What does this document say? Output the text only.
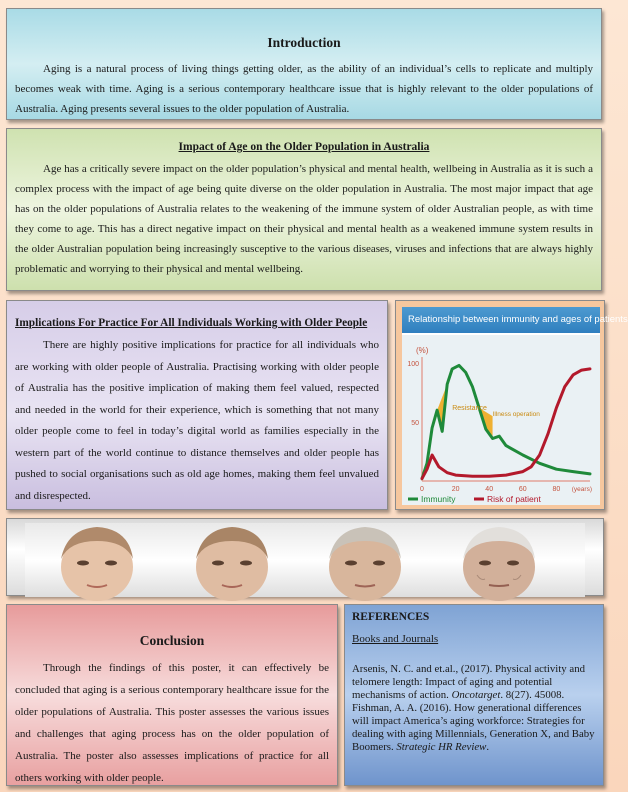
Introduction

Aging is a natural process of living things getting older, as the ability of an individual’s cells to replicate and multiply becomes weak with time. Aging is a serious contemporary healthcare issue that is highly relevant to the older populations of Australia. Aging presents several issues to the older population of Australia.

Impact of Age on the Older Population in Australia

Age has a critically severe impact on the older population’s physical and mental health, wellbeing in Australia as it is such a complex process with the impact of age being quite diverse on the older population in Australia. The most major impact that age has on the older populations of Australia relates to the weakening of the immune system of older Australian people, as with time they come to age. This has a direct negative impact on their physical and mental health as a weakened immune system results in the older Australian population being increasingly susceptive to the various diseases, viruses and infections that are always highly problematic and worrying to their physical and mental wellbeing.

Implications For Practice For All Individuals Working with Older People

There are highly positive implications for practice for all individuals who are working with older people of Australia. Practising working with older people of Australia has the positive implication of making them feel valued, respected and needed in the world for their experience, which is something that not many older people come to feel in today’s digital world as families especially in the western part of the world continue to distance themselves and older people has pushed to social organisations such as old age homes, making them feel unvalued and disrespected.

Relationship between immunity and ages of patients
(%)
100
50
0	20	40	60	80 (years)
Resistance
Illness operation
Immunity	Risk of patient
Conclusion

Through the findings of this poster, it can effectively be concluded that aging is a serious contemporary healthcare issue for the older populations of Australia. This poster assesses the various issues and challenges that aging process has on the older population of Australia. The poster also assesses implications of practice for all others working with older people.

REFERENCES
Books and Journals
Arsenis, N. C. and et.al., (2017). Physical activity and telomere length: Impact of aging and potential mechanisms of action. Oncotarget. 8(27). 45008.
Fishman, A. A. (2016). How generational differences will impact America’s aging workforce: Strategies for dealing with aging Millennials, Generation X, and Baby Boomers. Strategic HR Review.
